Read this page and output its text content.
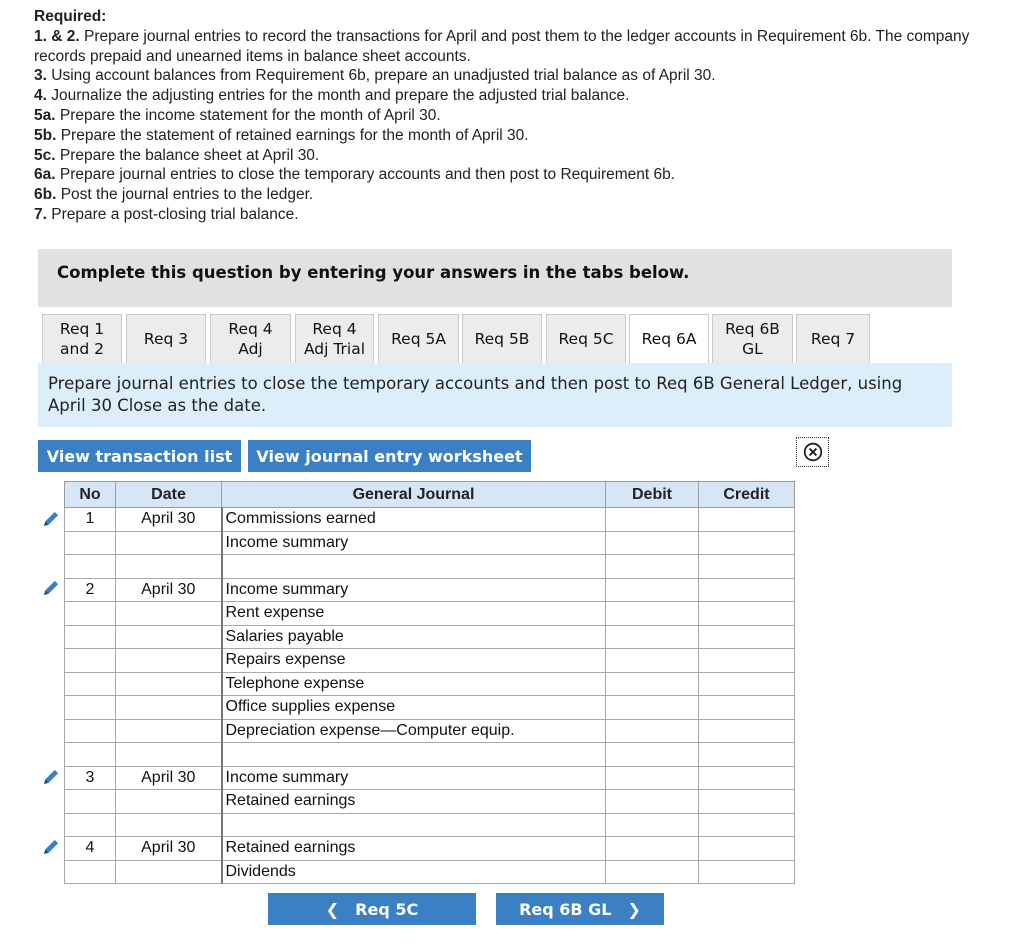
Required:
1. & 2. Prepare journal entries to record the transactions for April and post them to the ledger accounts in Requirement 6b. The company records prepaid and unearned items in balance sheet accounts.
3. Using account balances from Requirement 6b, prepare an unadjusted trial balance as of April 30.
4. Journalize the adjusting entries for the month and prepare the adjusted trial balance.
5a. Prepare the income statement for the month of April 30.
5b. Prepare the statement of retained earnings for the month of April 30.
5c. Prepare the balance sheet at April 30.
6a. Prepare journal entries to close the temporary accounts and then post to Requirement 6b.
6b. Post the journal entries to the ledger.
7. Prepare a post-closing trial balance.
Complete this question by entering your answers in the tabs below.
Req 1
and 2
Req 3
Req 4
Adj
Req 4
Adj Trial
Req 5A	Req 5B	Req 5C	Req 6A
Req 6B
GL
Req 7
Prepare journal entries to close the temporary accounts and then post to Req 6B General Ledger, using April 30 Close as the date.
View transaction list	View journal entry worksheet
No	Date	General Journal	Debit	Credit
1	April 30	Commissions earned		
		Income summary		

2	April 30	Income summary		
		Rent expense		
		Salaries payable		
		Repairs expense		
		Telephone expense		
		Office supplies expense		
		Depreciation expense—Computer equip.		

3	April 30	Income summary		
		Retained earnings		

4	April 30	Retained earnings		
		Dividends		
❮ Req 5C	Req 6B GL ❯
